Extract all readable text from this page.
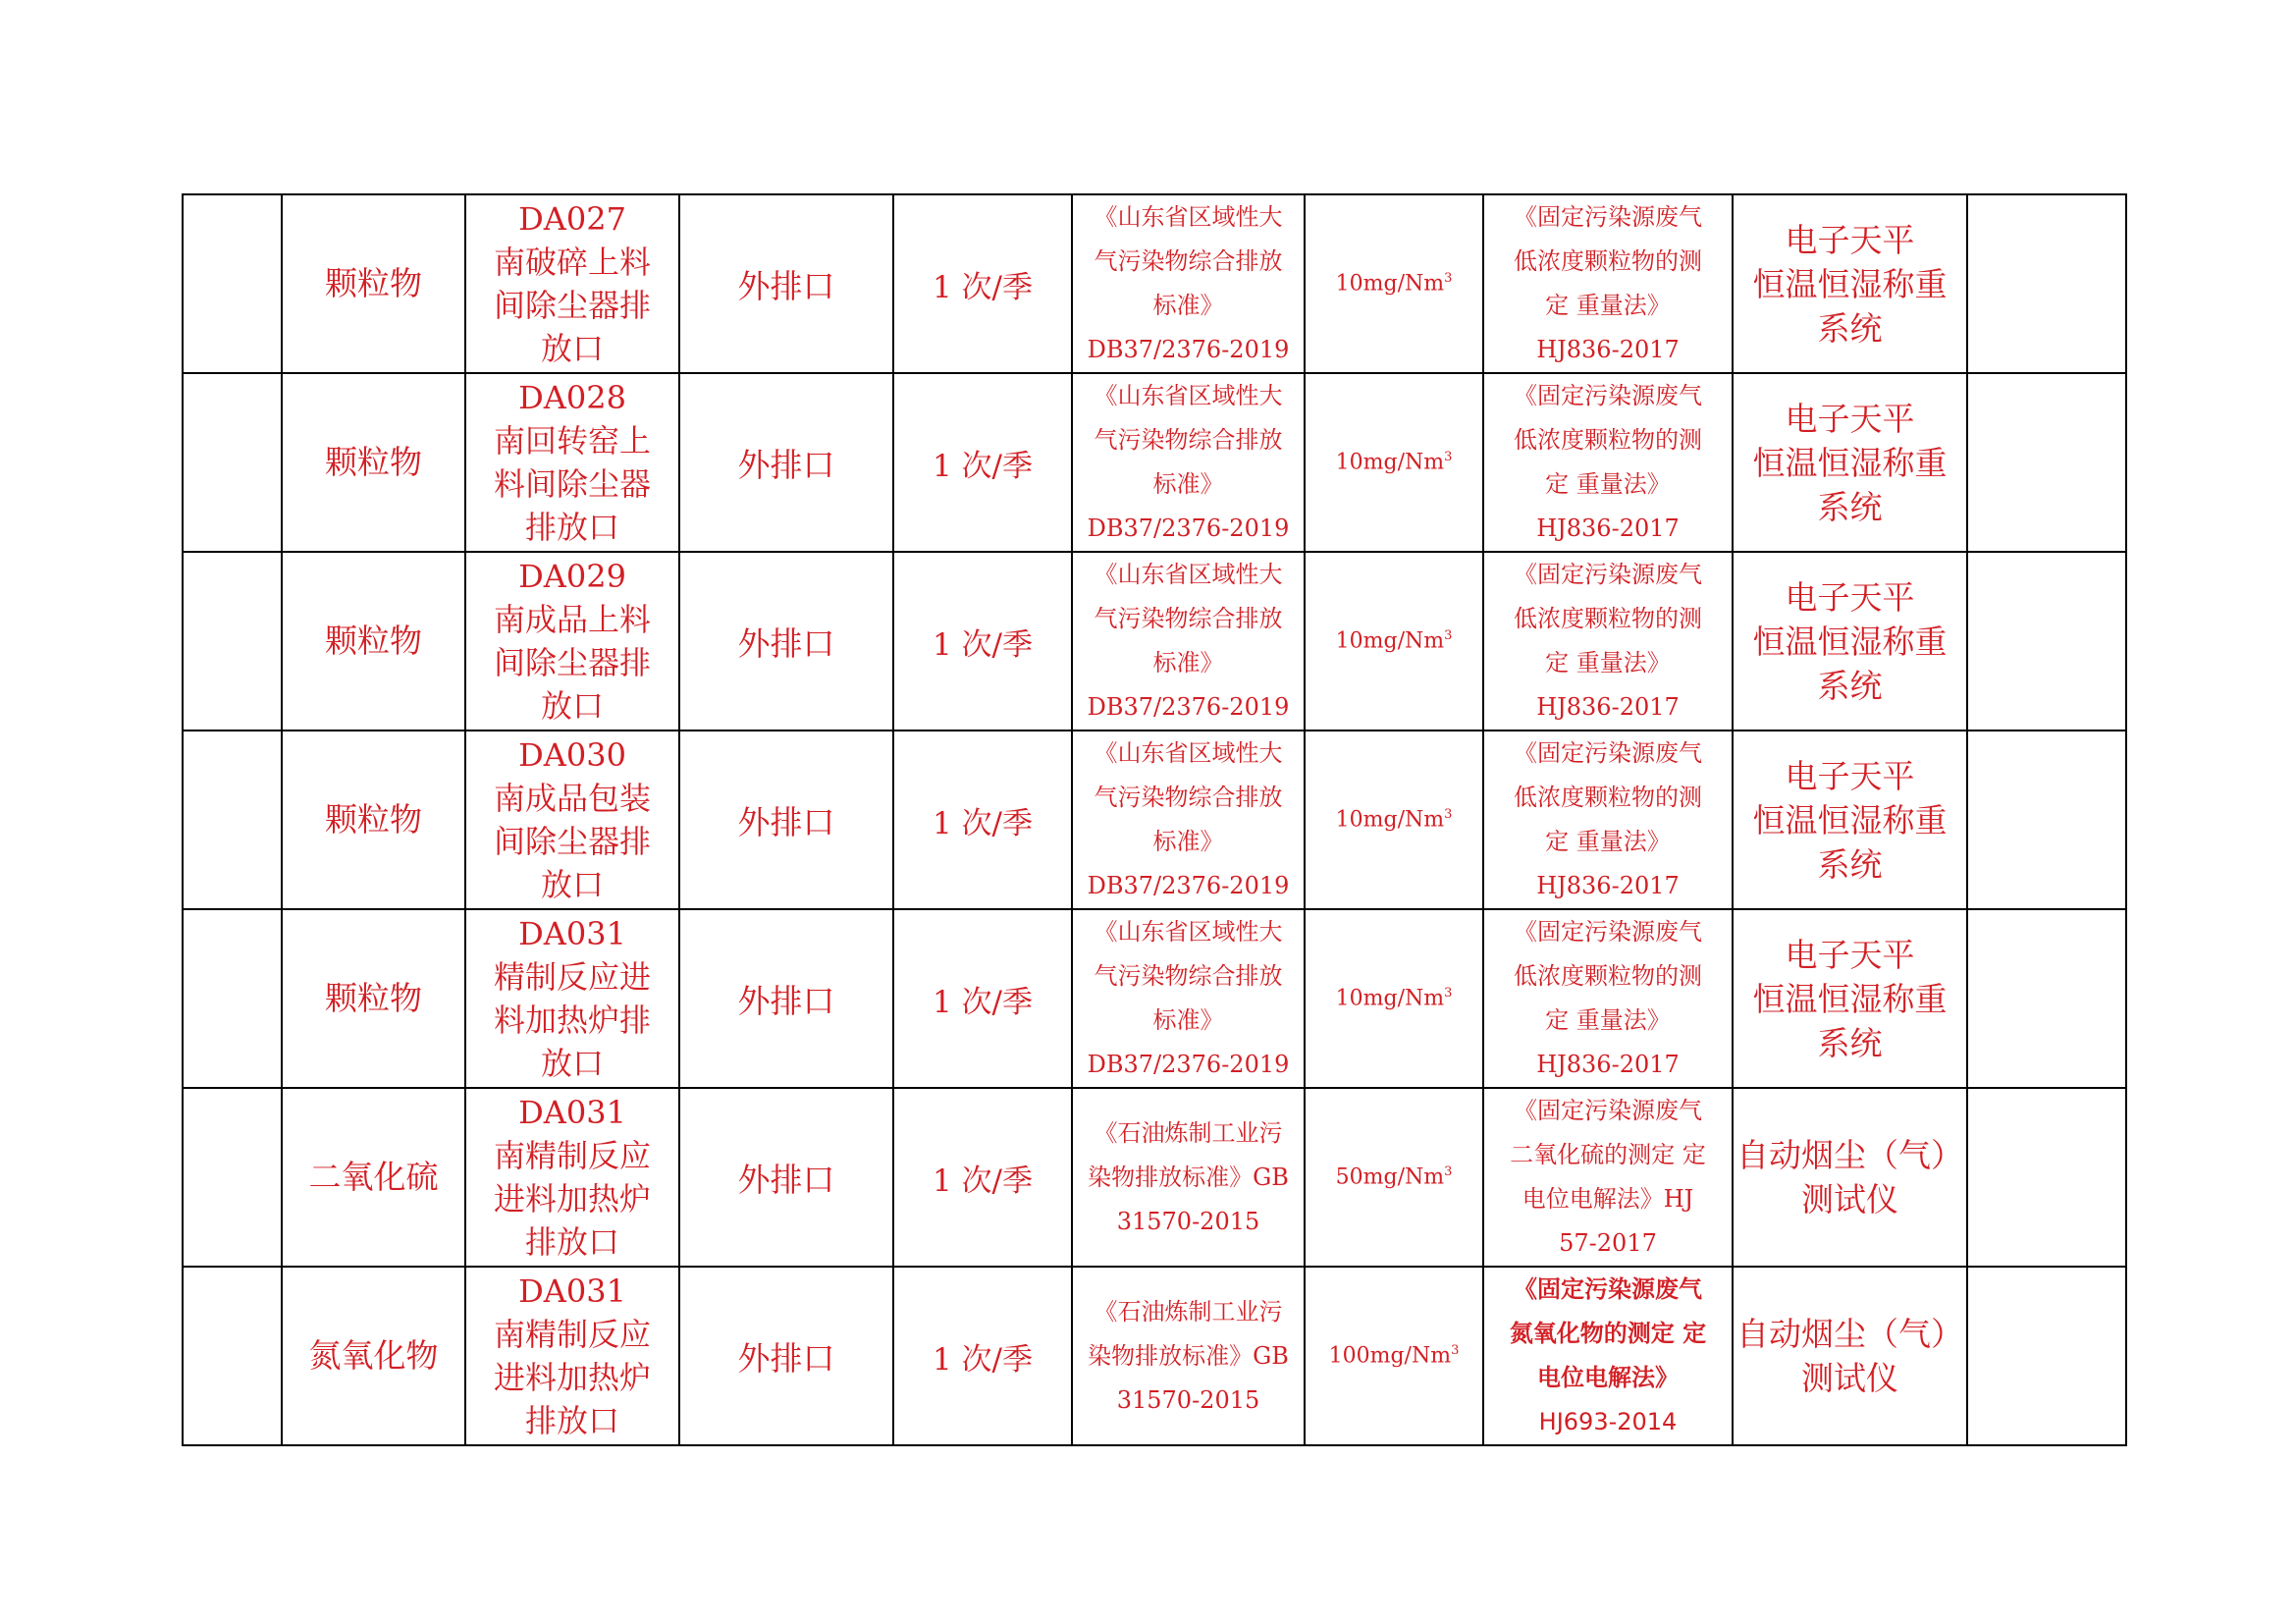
	颗粒物	DA027
南破碎上料
间除尘器排
放口	外排口	1 次/季	《山东省区域性大
气污染物综合排放
标准》
DB37/2376-2019	10mg/Nm$^3$	《固定污染源废气
低浓度颗粒物的测
定 重量法》
HJ836-2017	电子天平
恒温恒湿称重
系统	

	颗粒物	DA028
南回转窑上
料间除尘器
排放口	外排口	1 次/季	《山东省区域性大
气污染物综合排放
标准》
DB37/2376-2019	10mg/Nm$^3$	《固定污染源废气
低浓度颗粒物的测
定 重量法》
HJ836-2017	电子天平
恒温恒湿称重
系统	

	颗粒物	DA029
南成品上料
间除尘器排
放口	外排口	1 次/季	《山东省区域性大
气污染物综合排放
标准》
DB37/2376-2019	10mg/Nm$^3$	《固定污染源废气
低浓度颗粒物的测
定 重量法》
HJ836-2017	电子天平
恒温恒湿称重
系统	

	颗粒物	DA030
南成品包装
间除尘器排
放口	外排口	1 次/季	《山东省区域性大
气污染物综合排放
标准》
DB37/2376-2019	10mg/Nm$^3$	《固定污染源废气
低浓度颗粒物的测
定 重量法》
HJ836-2017	电子天平
恒温恒湿称重
系统	

	颗粒物	DA031
精制反应进
料加热炉排
放口	外排口	1 次/季	《山东省区域性大
气污染物综合排放
标准》
DB37/2376-2019	10mg/Nm$^3$	《固定污染源废气
低浓度颗粒物的测
定 重量法》
HJ836-2017	电子天平
恒温恒湿称重
系统	

	二氧化硫	DA031
南精制反应
进料加热炉
排放口	外排口	1 次/季	《石油炼制工业污
染物排放标准》GB
31570-2015	50mg/Nm$^3$	《固定污染源废气
二氧化硫的测定 定
电位电解法》HJ
57-2017	自动烟尘（气）
测试仪	

	氮氧化物	DA031
南精制反应
进料加热炉
排放口	外排口	1 次/季	《石油炼制工业污
染物排放标准》GB
31570-2015	100mg/Nm$^3$	《固定污染源废气
氮氧化物的测定 定
电位电解法》
HJ693-2014	自动烟尘（气）
测试仪	
